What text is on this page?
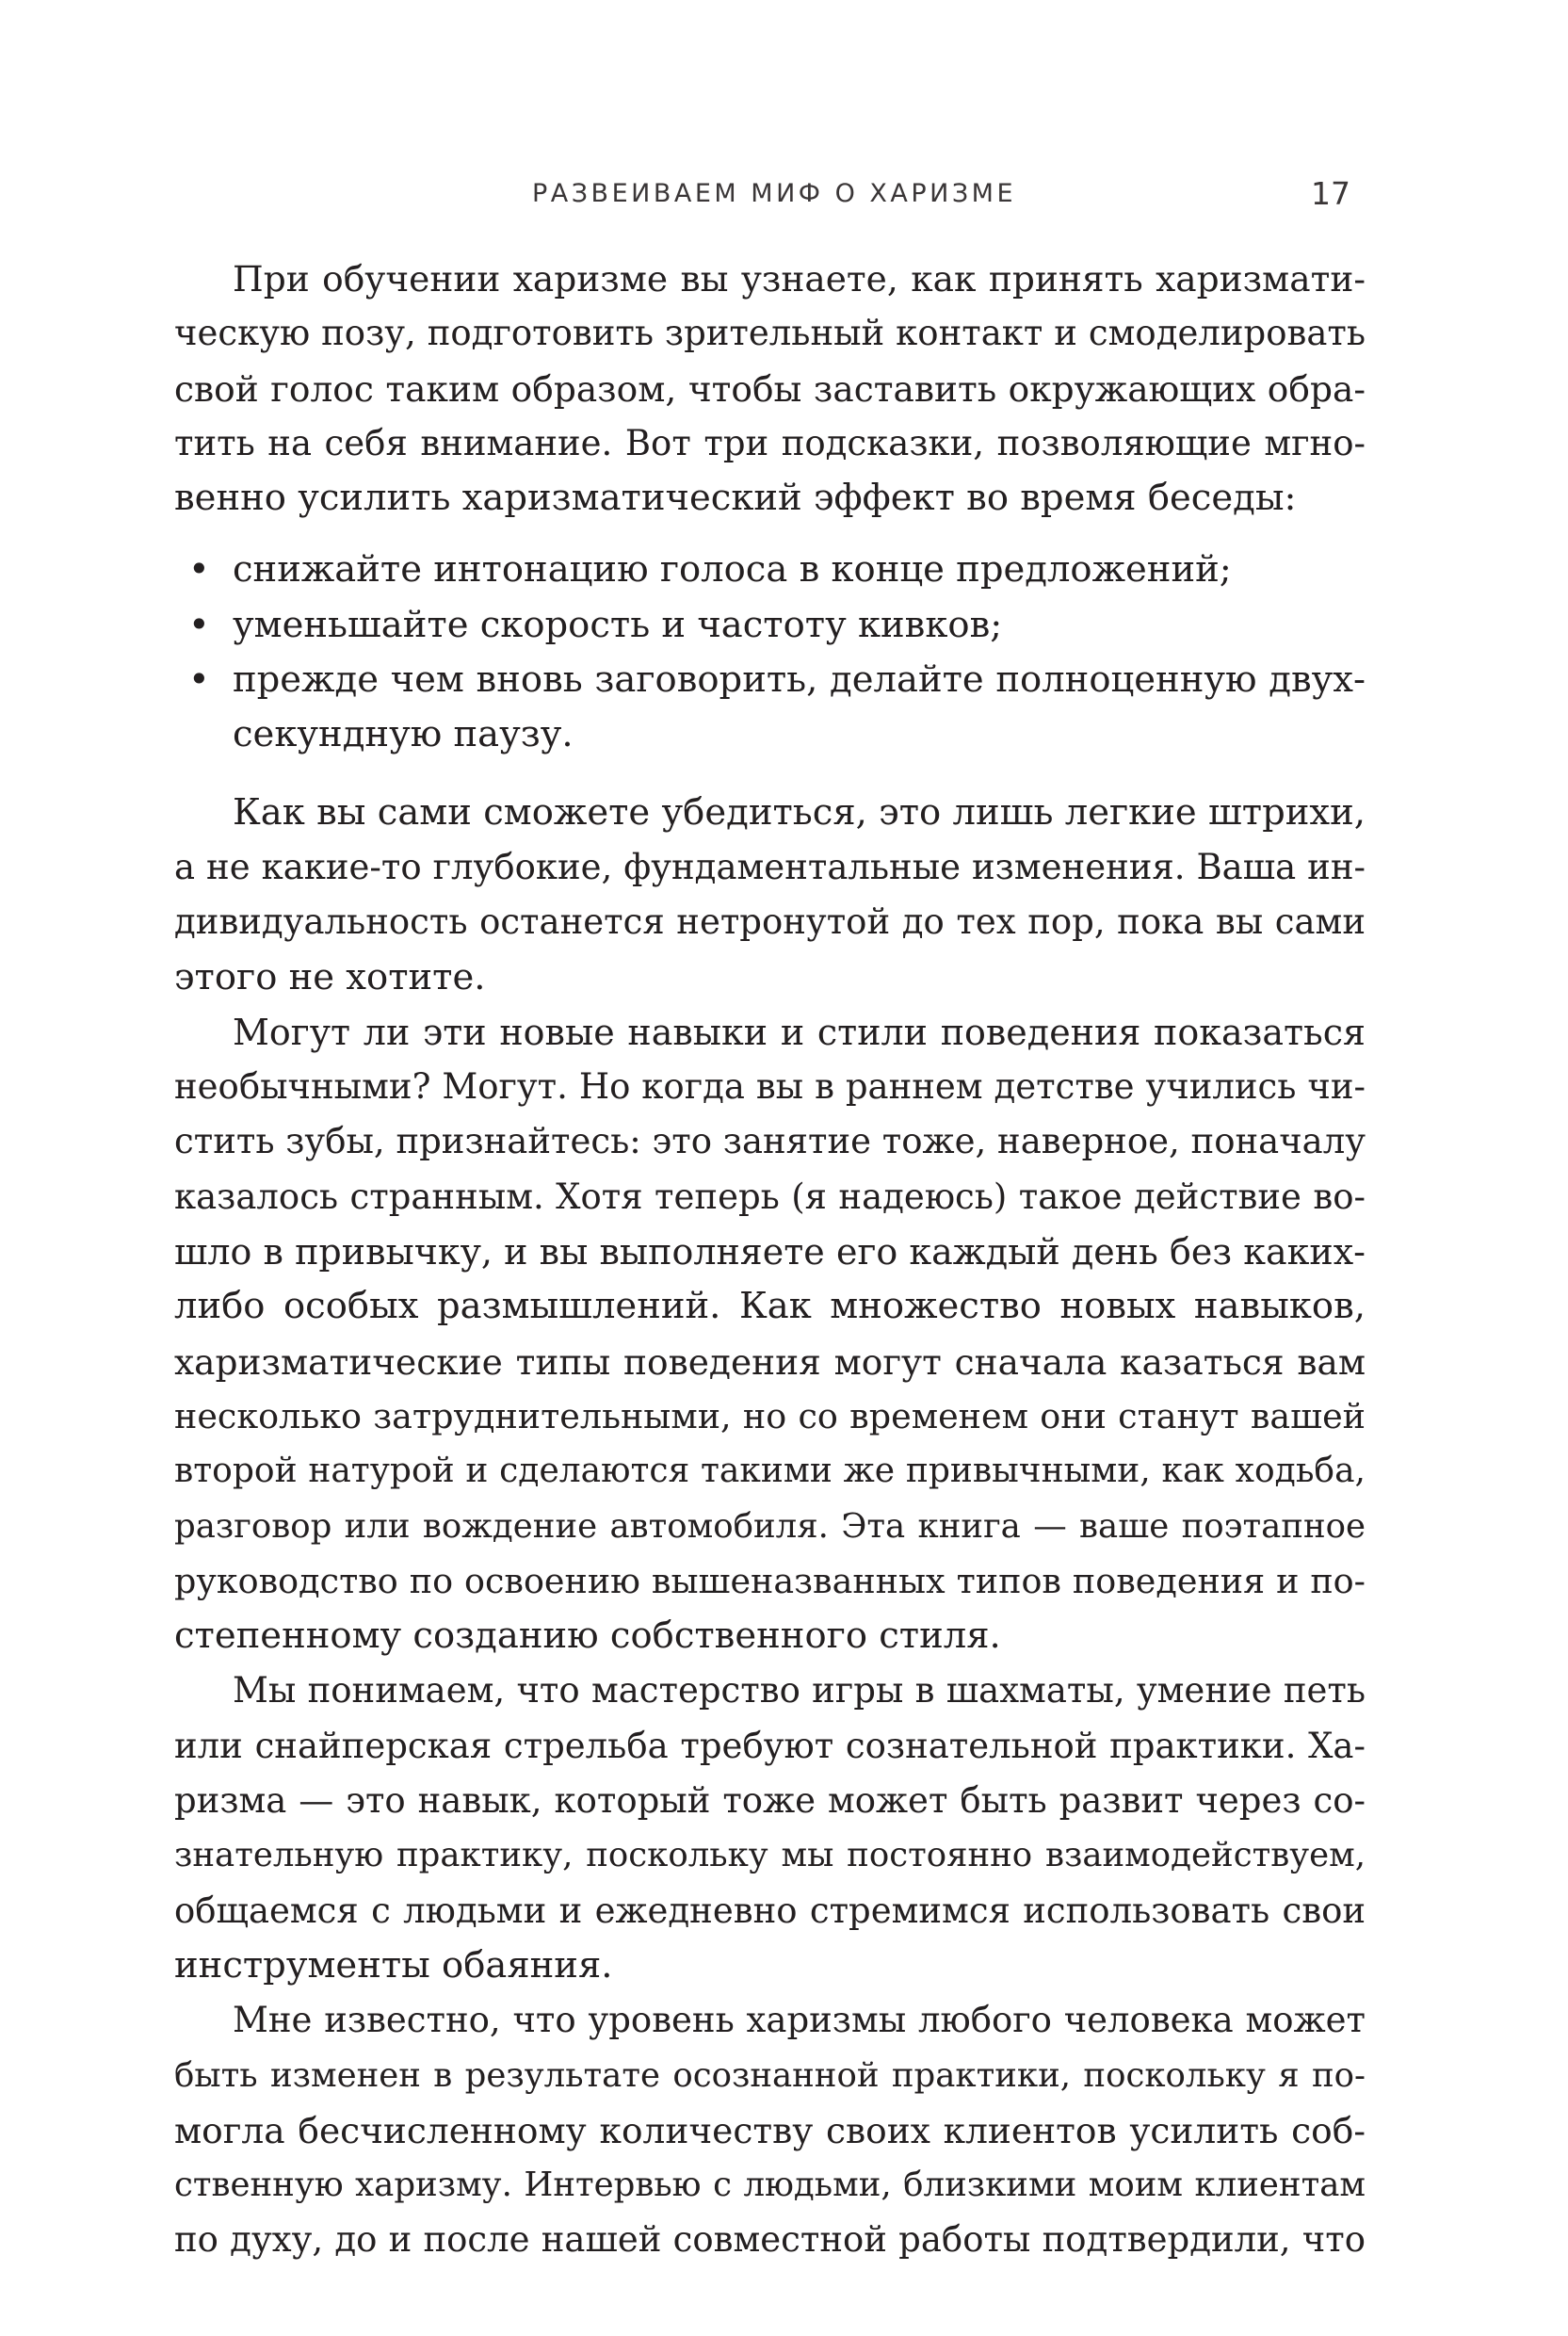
РАЗВЕИВАЕМ МИФ О ХАРИЗМЕ	17
При обучении харизме вы узнаете, как принять харизмати-
ческую позу, подготовить зрительный контакт и смоделировать
свой голос таким образом, чтобы заставить окружающих обра-
тить на себя внимание. Вот три подсказки, позволяющие мгно-
венно усилить харизматический эффект во время беседы:
• снижайте интонацию голоса в конце предложений;
• уменьшайте скорость и частоту кивков;
• прежде чем вновь заговорить, делайте полноценную двух-
секундную паузу.
Как вы сами сможете убедиться, это лишь легкие штрихи,
а не какие-то глубокие, фундаментальные изменения. Ваша ин-
дивидуальность останется нетронутой до тех пор, пока вы сами
этого не хотите.
Могут ли эти новые навыки и стили поведения показаться
необычными? Могут. Но когда вы в раннем детстве учились чи-
стить зубы, признайтесь: это занятие тоже, наверное, поначалу
казалось странным. Хотя теперь (я надеюсь) такое действие во-
шло в привычку, и вы выполняете его каждый день без каких-
либо особых размышлений. Как множество новых навыков,
харизматические типы поведения могут сначала казаться вам
несколько затруднительными, но со временем они станут вашей
второй натурой и сделаются такими же привычными, как ходьба,
разговор или вождение автомобиля. Эта книга — ваше поэтапное
руководство по освоению вышеназванных типов поведения и по-
степенному созданию собственного стиля.
Мы понимаем, что мастерство игры в шахматы, умение петь
или снайперская стрельба требуют сознательной практики. Ха-
ризма — это навык, который тоже может быть развит через со-
знательную практику, поскольку мы постоянно взаимодействуем,
общаемся с людьми и ежедневно стремимся использовать свои
инструменты обаяния.
Мне известно, что уровень харизмы любого человека может
быть изменен в результате осознанной практики, поскольку я по-
могла бесчисленному количеству своих клиентов усилить соб-
ственную харизму. Интервью с людьми, близкими моим клиентам
по духу, до и после нашей совместной работы подтвердили, что
